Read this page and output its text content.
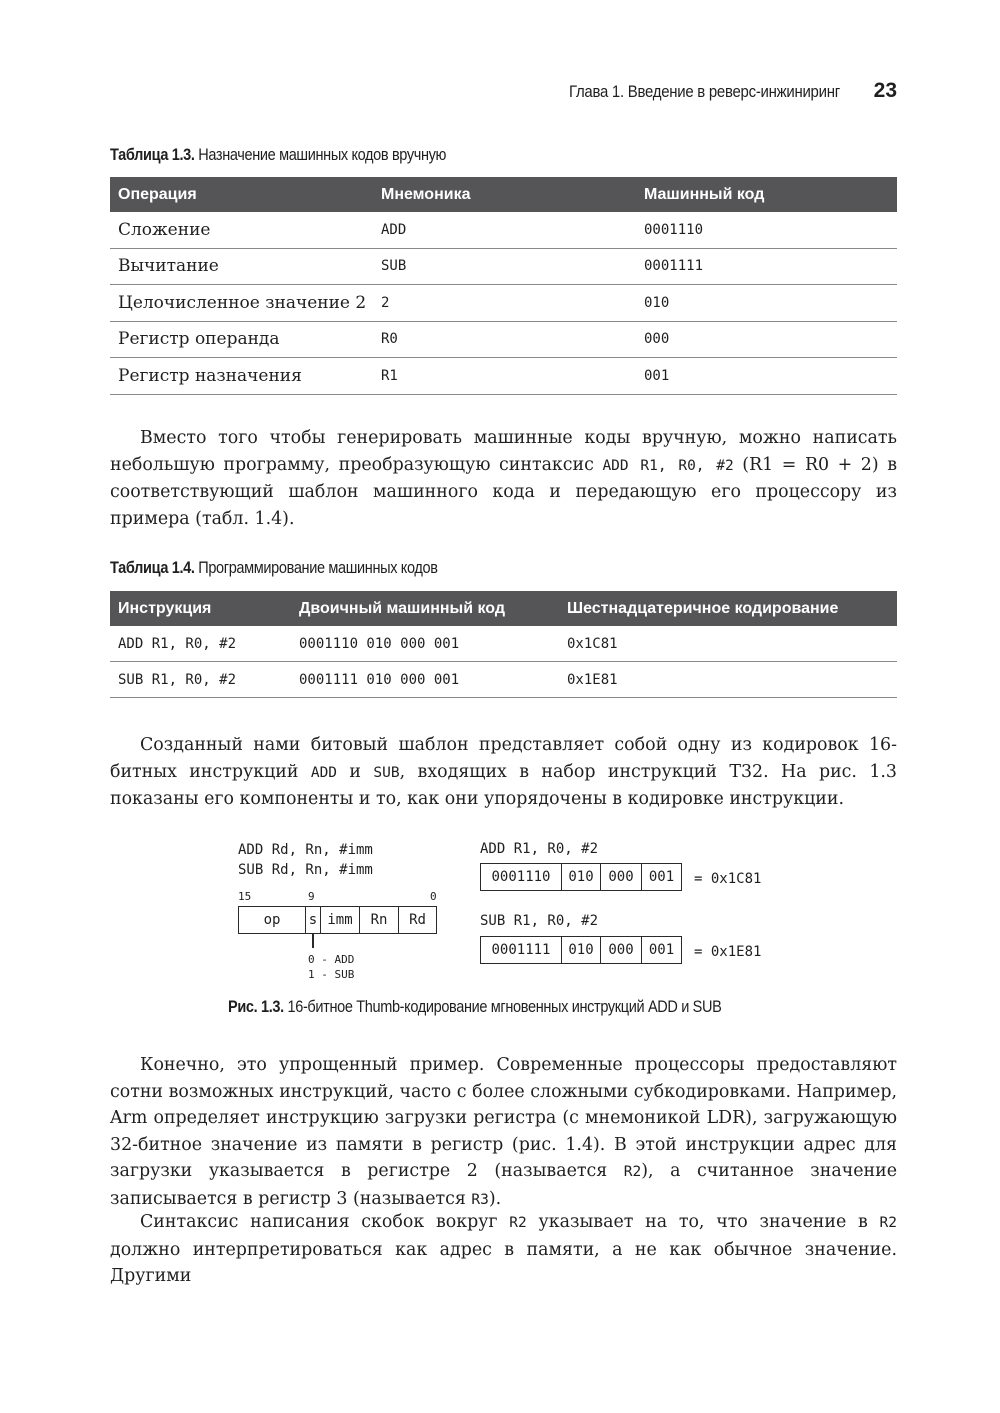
Глава 1. Введение в реверс-инжиниринг 23
Таблица 1.3. Назначение машинных кодов вручную
Операция	Мнемоника	Машинный код
Сложение	ADD	0001110
Вычитание	SUB	0001111
Целочисленное значение 2	2	010
Регистр операнда	R0	000
Регистр назначения	R1	001

Вместо того чтобы генерировать машинные коды вручную, можно написать небольшую программу, преобразующую синтаксис ADD R1, R0, #2 (R1 = R0 + 2) в соответствующий шаблон машинного кода и передающую его процессору из примера (табл. 1.4).

Таблица 1.4. Программирование машинных кодов
Инструкция	Двоичный машинный код	Шестнадцатеричное кодирование
ADD R1, R0, #2	0001110 010 000 001	0x1C81
SUB R1, R0, #2	0001111 010 000 001	0x1E81

Созданный нами битовый шаблон представляет собой одну из кодировок 16-битных инструкций ADD и SUB, входящих в набор инструкций T32. На рис. 1.3 показаны его компоненты и то, как они упорядочены в кодировке инструкции.

ADD Rd, Rn, #imm
SUB Rd, Rn, #imm
15	9	0
op	s imm	Rn	Rd
0 - ADD
1 - SUB
ADD R1, R0, #2
0001110	010	000	001	= 0x1C81
SUB R1, R0, #2
0001111	010	000	001	= 0x1E81
Рис. 1.3. 16-битное Thumb-кодирование мгновенных инструкций ADD и SUB

Конечно, это упрощенный пример. Современные процессоры предоставляют сотни возможных инструкций, часто с более сложными субкодировками. Например, Arm определяет инструкцию загрузки регистра (с мнемоникой LDR), загружающую 32-битное значение из памяти в регистр (рис. 1.4). В этой инструкции адрес для загрузки указывается в регистре 2 (называется R2), а считанное значение записывается в регистр 3 (называется R3).

Синтаксис написания скобок вокруг R2 указывает на то, что значение в R2 должно интерпретироваться как адрес в памяти, а не как обычное значение. Другими
